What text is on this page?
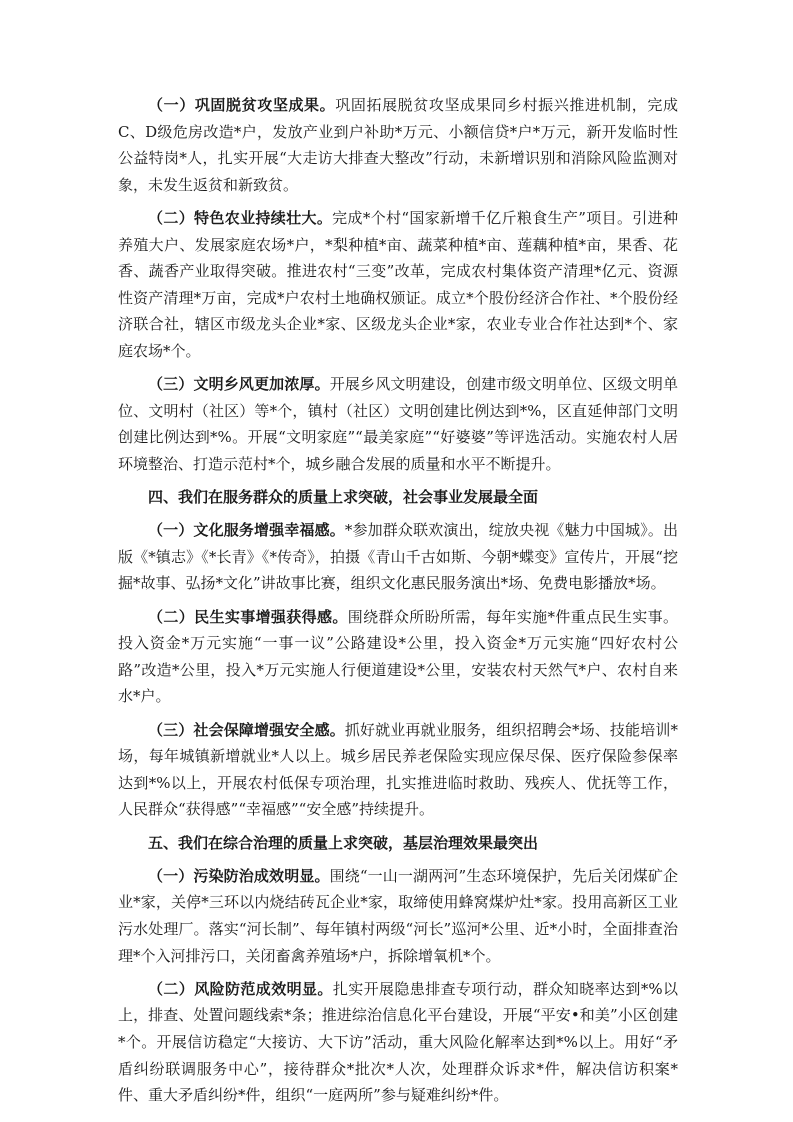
（一）巩固脱贫攻坚成果。巩固拓展脱贫攻坚成果同乡村振兴推进机制，完成C、D级危房改造*户，发放产业到户补助*万元、小额信贷*户*万元，新开发临时性公益特岗*人，扎实开展“大走访大排查大整改”行动，未新增识别和消除风险监测对象，未发生返贫和新致贫。

（二）特色农业持续壮大。完成*个村“国家新增千亿斤粮食生产”项目。引进种养殖大户、发展家庭农场*户，*梨种植*亩、蔬菜种植*亩、莲藕种植*亩，果香、花香、蔬香产业取得突破。推进农村“三变”改革，完成农村集体资产清理*亿元、资源性资产清理*万亩，完成*户农村土地确权颁证。成立*个股份经济合作社、*个股份经济联合社，辖区市级龙头企业*家、区级龙头企业*家，农业专业合作社达到*个、家庭农场*个。

（三）文明乡风更加浓厚。开展乡风文明建设，创建市级文明单位、区级文明单位、文明村（社区）等*个，镇村（社区）文明创建比例达到*%，区直延伸部门文明创建比例达到*%。开展“文明家庭”“最美家庭”“好婆婆”等评选活动。实施农村人居环境整治、打造示范村*个，城乡融合发展的质量和水平不断提升。

四、我们在服务群众的质量上求突破，社会事业发展最全面

（一）文化服务增强幸福感。*参加群众联欢演出，绽放央视《魅力中国城》。出版《*镇志》《*长青》《*传奇》，拍摄《青山千古如斯、今朝*蝶变》宣传片，开展“挖掘*故事、弘扬*文化”讲故事比赛，组织文化惠民服务演出*场、免费电影播放*场。

（二）民生实事增强获得感。围绕群众所盼所需，每年实施*件重点民生实事。投入资金*万元实施“一事一议”公路建设*公里，投入资金*万元实施“四好农村公路”改造*公里，投入*万元实施人行便道建设*公里，安装农村天然气*户、农村自来水*户。

（三）社会保障增强安全感。抓好就业再就业服务，组织招聘会*场、技能培训*场，每年城镇新增就业*人以上。城乡居民养老保险实现应保尽保、医疗保险参保率达到*%以上，开展农村低保专项治理，扎实推进临时救助、残疾人、优抚等工作，人民群众“获得感”“幸福感”“安全感”持续提升。

五、我们在综合治理的质量上求突破，基层治理效果最突出

（一）污染防治成效明显。围绕“一山一湖两河”生态环境保护，先后关闭煤矿企业*家，关停*三环以内烧结砖瓦企业*家，取缔使用蜂窝煤炉灶*家。投用高新区工业污水处理厂。落实“河长制”、每年镇村两级“河长”巡河*公里、近*小时，全面排查治理*个入河排污口，关闭畜禽养殖场*户，拆除增氧机*个。

（二）风险防范成效明显。扎实开展隐患排查专项行动，群众知晓率达到*%以上，排查、处置问题线索*条；推进综治信息化平台建设，开展“平安•和美”小区创建*个。开展信访稳定“大接访、大下访”活动，重大风险化解率达到*%以上。用好“矛盾纠纷联调服务中心”，接待群众*批次*人次，处理群众诉求*件，解决信访积案*件、重大矛盾纠纷*件，组织“一庭两所”参与疑难纠纷*件。
